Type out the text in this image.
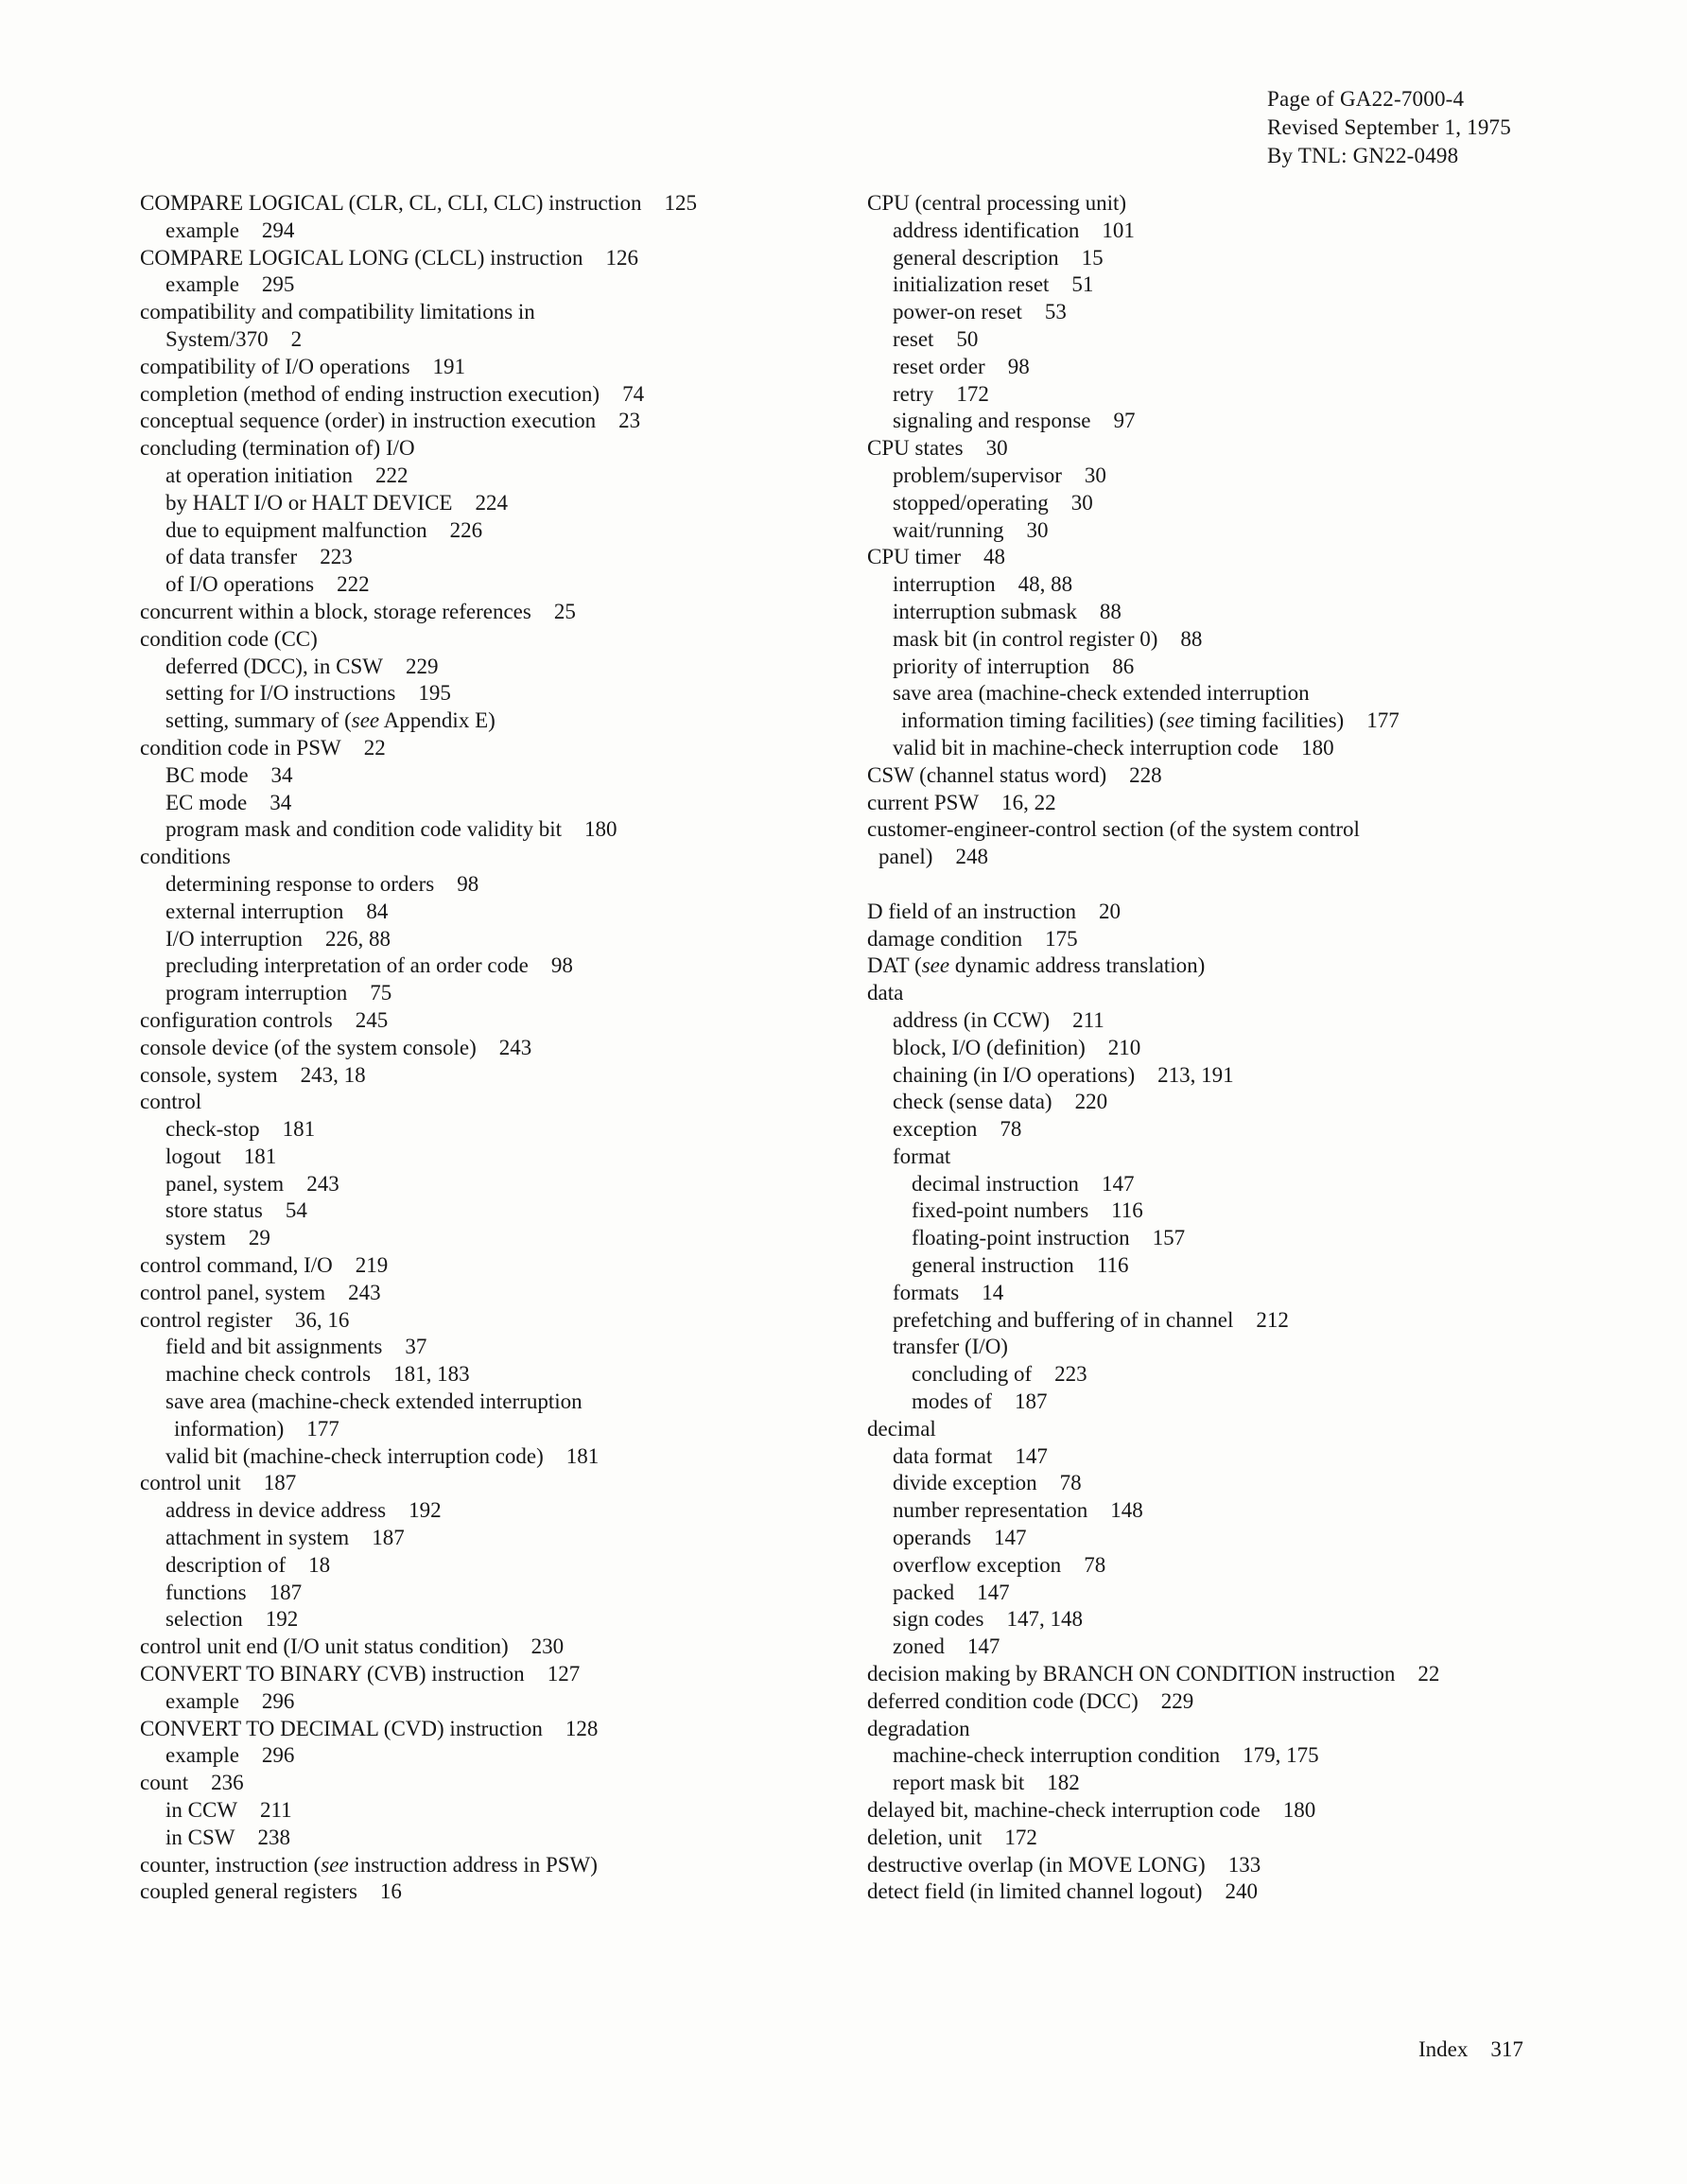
Page of GA22-7000-4
Revised September 1, 1975
By TNL: GN22-0498
COMPARE LOGICAL (CLR, CL, CLI, CLC) instruction 125
example 294
COMPARE LOGICAL LONG (CLCL) instruction 126
example 295
compatibility and compatibility limitations in
System/370 2
compatibility of I/O operations 191
completion (method of ending instruction execution) 74
conceptual sequence (order) in instruction execution 23
concluding (termination of) I/O
at operation initiation 222
by HALT I/O or HALT DEVICE 224
due to equipment malfunction 226
of data transfer 223
of I/O operations 222
concurrent within a block, storage references 25
condition code (CC)
deferred (DCC), in CSW 229
setting for I/O instructions 195
setting, summary of (see Appendix E)
condition code in PSW 22
BC mode 34
EC mode 34
program mask and condition code validity bit 180
conditions
determining response to orders 98
external interruption 84
I/O interruption 226, 88
precluding interpretation of an order code 98
program interruption 75
configuration controls 245
console device (of the system console) 243
console, system 243, 18
control
check-stop 181
logout 181
panel, system 243
store status 54
system 29
control command, I/O 219
control panel, system 243
control register 36, 16
field and bit assignments 37
machine check controls 181, 183
save area (machine-check extended interruption
information) 177
valid bit (machine-check interruption code) 181
control unit 187
address in device address 192
attachment in system 187
description of 18
functions 187
selection 192
control unit end (I/O unit status condition) 230
CONVERT TO BINARY (CVB) instruction 127
example 296
CONVERT TO DECIMAL (CVD) instruction 128
example 296
count 236
in CCW 211
in CSW 238
counter, instruction (see instruction address in PSW)
coupled general registers 16
CPU (central processing unit)
address identification 101
general description 15
initialization reset 51
power-on reset 53
reset 50
reset order 98
retry 172
signaling and response 97
CPU states 30
problem/supervisor 30
stopped/operating 30
wait/running 30
CPU timer 48
interruption 48, 88
interruption submask 88
mask bit (in control register 0) 88
priority of interruption 86
save area (machine-check extended interruption
information timing facilities) (see timing facilities) 177
valid bit in machine-check interruption code 180
CSW (channel status word) 228
current PSW 16, 22
customer-engineer-control section (of the system control
panel) 248
D field of an instruction 20
damage condition 175
DAT (see dynamic address translation)
data
address (in CCW) 211
block, I/O (definition) 210
chaining (in I/O operations) 213, 191
check (sense data) 220
exception 78
format
decimal instruction 147
fixed-point numbers 116
floating-point instruction 157
general instruction 116
formats 14
prefetching and buffering of in channel 212
transfer (I/O)
concluding of 223
modes of 187
decimal
data format 147
divide exception 78
number representation 148
operands 147
overflow exception 78
packed 147
sign codes 147, 148
zoned 147
decision making by BRANCH ON CONDITION instruction 22
deferred condition code (DCC) 229
degradation
machine-check interruption condition 179, 175
report mask bit 182
delayed bit, machine-check interruption code 180
deletion, unit 172
destructive overlap (in MOVE LONG) 133
detect field (in limited channel logout) 240
Index 317
